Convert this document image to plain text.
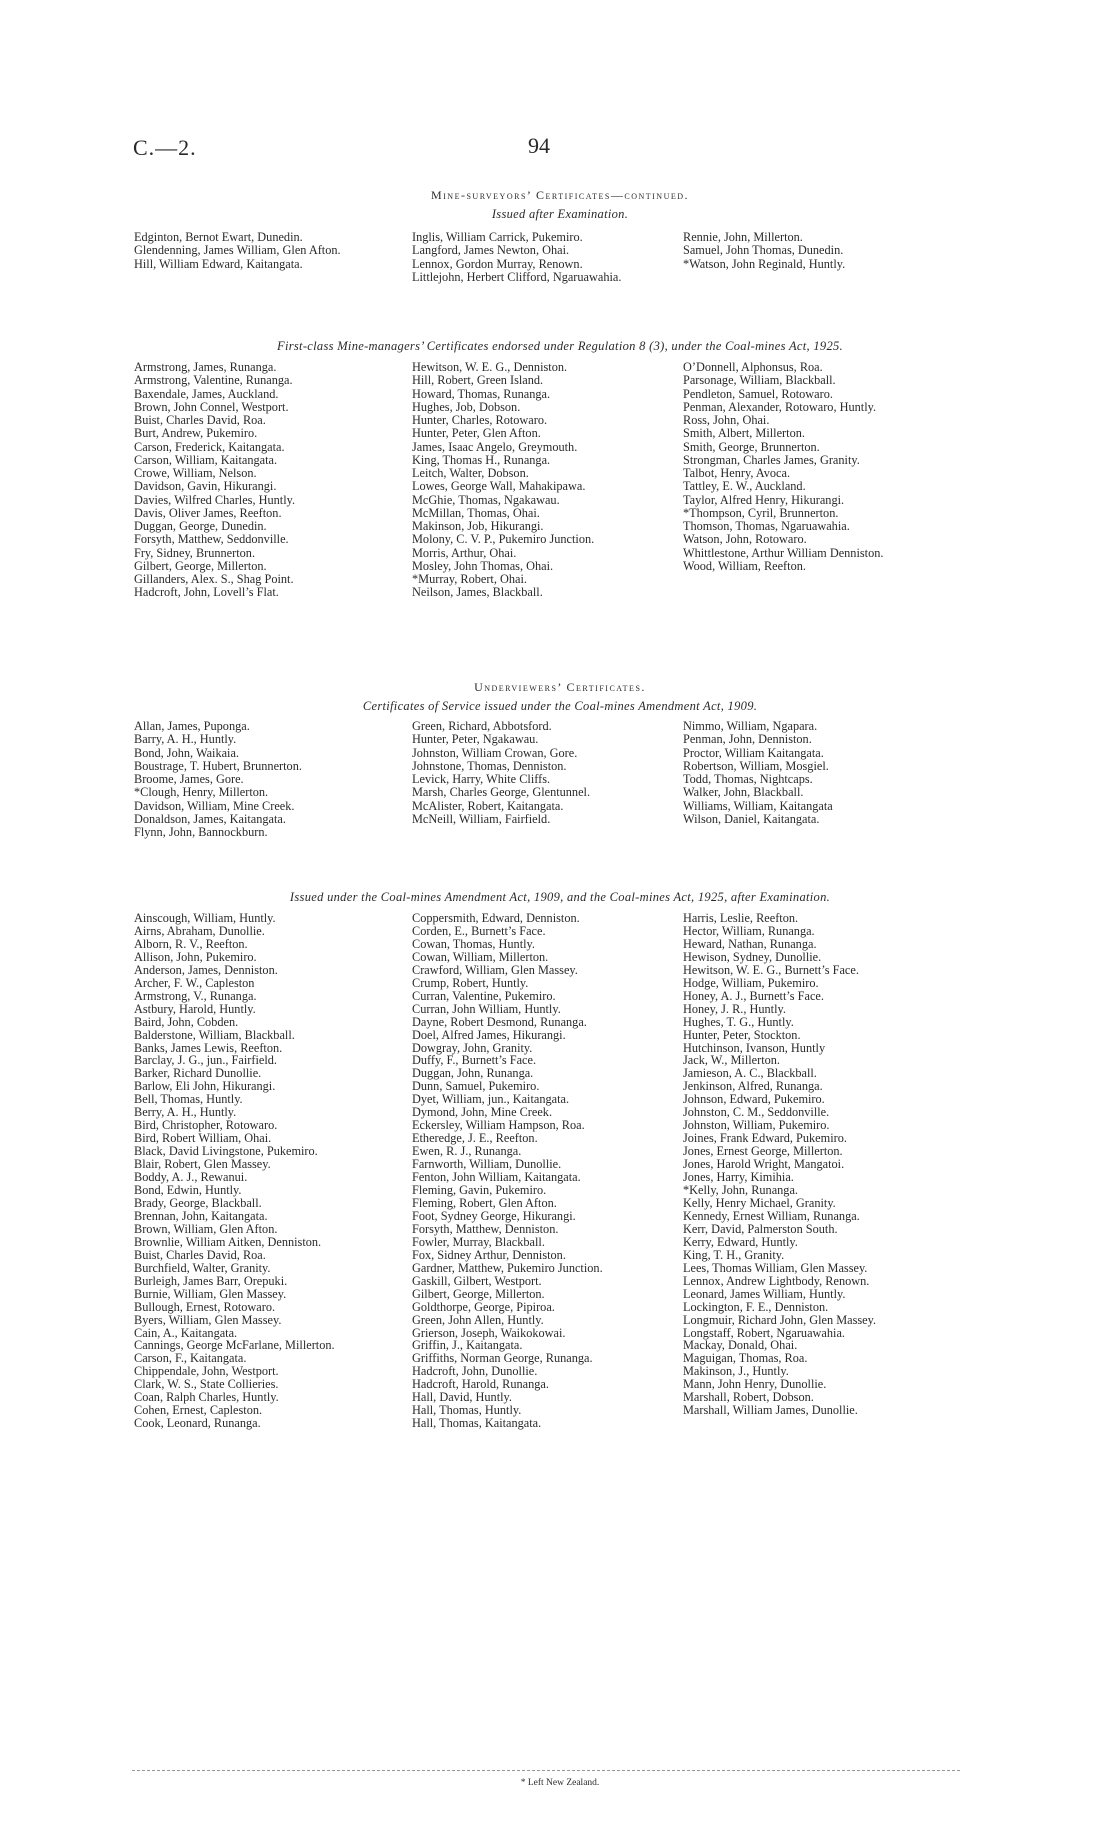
C.—2.	94
Mine-surveyors’ Certificates—continued.
Issued after Examination.
Edginton, Bernot Ewart, Dunedin.
Glendenning, James William, Glen Afton.
Hill, William Edward, Kaitangata.
Inglis, William Carrick, Pukemiro.
Langford, James Newton, Ohai.
Lennox, Gordon Murray, Renown.
Littlejohn, Herbert Clifford, Ngaruawahia.
Rennie, John, Millerton.
Samuel, John Thomas, Dunedin.
*Watson, John Reginald, Huntly.
First-class Mine-managers’ Certificates endorsed under Regulation 8 (3), under the Coal-mines Act, 1925.
Armstrong, James, Runanga.
Armstrong, Valentine, Runanga.
Baxendale, James, Auckland.
Brown, John Connel, Westport.
Buist, Charles David, Roa.
Burt, Andrew, Pukemiro.
Carson, Frederick, Kaitangata.
Carson, William, Kaitangata.
Crowe, William, Nelson.
Davidson, Gavin, Hikurangi.
Davies, Wilfred Charles, Huntly.
Davis, Oliver James, Reefton.
Duggan, George, Dunedin.
Forsyth, Matthew, Seddonville.
Fry, Sidney, Brunnerton.
Gilbert, George, Millerton.
Gillanders, Alex. S., Shag Point.
Hadcroft, John, Lovell’s Flat.
Hewitson, W. E. G., Denniston.
Hill, Robert, Green Island.
Howard, Thomas, Runanga.
Hughes, Job, Dobson.
Hunter, Charles, Rotowaro.
Hunter, Peter, Glen Afton.
James, Isaac Angelo, Greymouth.
King, Thomas H., Runanga.
Leitch, Walter, Dobson.
Lowes, George Wall, Mahakipawa.
McGhie, Thomas, Ngakawau.
McMillan, Thomas, Ohai.
Makinson, Job, Hikurangi.
Molony, C. V. P., Pukemiro Junction.
Morris, Arthur, Ohai.
Mosley, John Thomas, Ohai.
*Murray, Robert, Ohai.
Neilson, James, Blackball.
O’Donnell, Alphonsus, Roa.
Parsonage, William, Blackball.
Pendleton, Samuel, Rotowaro.
Penman, Alexander, Rotowaro, Huntly.
Ross, John, Ohai.
Smith, Albert, Millerton.
Smith, George, Brunnerton.
Strongman, Charles James, Granity.
Talbot, Henry, Avoca.
Tattley, E. W., Auckland.
Taylor, Alfred Henry, Hikurangi.
*Thompson, Cyril, Brunnerton.
Thomson, Thomas, Ngaruawahia.
Watson, John, Rotowaro.
Whittlestone, Arthur William Denniston.
Wood, William, Reefton.
Underviewers’ Certificates.
Certificates of Service issued under the Coal-mines Amendment Act, 1909.
Allan, James, Puponga.
Barry, A. H., Huntly.
Bond, John, Waikaia.
Boustrage, T. Hubert, Brunnerton.
Broome, James, Gore.
*Clough, Henry, Millerton.
Davidson, William, Mine Creek.
Donaldson, James, Kaitangata.
Flynn, John, Bannockburn.
Green, Richard, Abbotsford.
Hunter, Peter, Ngakawau.
Johnston, William Crowan, Gore.
Johnstone, Thomas, Denniston.
Levick, Harry, White Cliffs.
Marsh, Charles George, Glentunnel.
McAlister, Robert, Kaitangata.
McNeill, William, Fairfield.
Nimmo, William, Ngapara.
Penman, John, Denniston.
Proctor, William Kaitangata.
Robertson, William, Mosgiel.
Todd, Thomas, Nightcaps.
Walker, John, Blackball.
Williams, William, Kaitangata
Wilson, Daniel, Kaitangata.
Issued under the Coal-mines Amendment Act, 1909, and the Coal-mines Act, 1925, after Examination.
Ainscough, William, Huntly.
Airns, Abraham, Dunollie.
Alborn, R. V., Reefton.
Allison, John, Pukemiro.
Anderson, James, Denniston.
Archer, F. W., Capleston
Armstrong, V., Runanga.
Astbury, Harold, Huntly.
Baird, John, Cobden.
Balderstone, William, Blackball.
Banks, James Lewis, Reefton.
Barclay, J. G., jun., Fairfield.
Barker, Richard Dunollie.
Barlow, Eli John, Hikurangi.
Bell, Thomas, Huntly.
Berry, A. H., Huntly.
Bird, Christopher, Rotowaro.
Bird, Robert William, Ohai.
Black, David Livingstone, Pukemiro.
Blair, Robert, Glen Massey.
Boddy, A. J., Rewanui.
Bond, Edwin, Huntly.
Brady, George, Blackball.
Brennan, John, Kaitangata.
Brown, William, Glen Afton.
Brownlie, William Aitken, Denniston.
Buist, Charles David, Roa.
Burchfield, Walter, Granity.
Burleigh, James Barr, Orepuki.
Burnie, William, Glen Massey.
Bullough, Ernest, Rotowaro.
Byers, William, Glen Massey.
Cain, A., Kaitangata.
Cannings, George McFarlane, Millerton.
Carson, F., Kaitangata.
Chippendale, John, Westport.
Clark, W. S., State Collieries.
Coan, Ralph Charles, Huntly.
Cohen, Ernest, Capleston.
Cook, Leonard, Runanga.
Coppersmith, Edward, Denniston.
Corden, E., Burnett’s Face.
Cowan, Thomas, Huntly.
Cowan, William, Millerton.
Crawford, William, Glen Massey.
Crump, Robert, Huntly.
Curran, Valentine, Pukemiro.
Curran, John William, Huntly.
Dayne, Robert Desmond, Runanga.
Doel, Alfred James, Hikurangi.
Dowgray, John, Granity.
Duffy, F., Burnett’s Face.
Duggan, John, Runanga.
Dunn, Samuel, Pukemiro.
Dyet, William, jun., Kaitangata.
Dymond, John, Mine Creek.
Eckersley, William Hampson, Roa.
Etheredge, J. E., Reefton.
Ewen, R. J., Runanga.
Farnworth, William, Dunollie.
Fenton, John William, Kaitangata.
Fleming, Gavin, Pukemiro.
Fleming, Robert, Glen Afton.
Foot, Sydney George, Hikurangi.
Forsyth, Matthew, Denniston.
Fowler, Murray, Blackball.
Fox, Sidney Arthur, Denniston.
Gardner, Matthew, Pukemiro Junction.
Gaskill, Gilbert, Westport.
Gilbert, George, Millerton.
Goldthorpe, George, Pipiroa.
Green, John Allen, Huntly.
Grierson, Joseph, Waikokowai.
Griffin, J., Kaitangata.
Griffiths, Norman George, Runanga.
Hadcroft, John, Dunollie.
Hadcroft, Harold, Runanga.
Hall, David, Huntly.
Hall, Thomas, Huntly.
Hall, Thomas, Kaitangata.
Harris, Leslie, Reefton.
Hector, William, Runanga.
Heward, Nathan, Runanga.
Hewison, Sydney, Dunollie.
Hewitson, W. E. G., Burnett’s Face.
Hodge, William, Pukemiro.
Honey, A. J., Burnett’s Face.
Honey, J. R., Huntly.
Hughes, T. G., Huntly.
Hunter, Peter, Stockton.
Hutchinson, Ivanson, Huntly
Jack, W., Millerton.
Jamieson, A. C., Blackball.
Jenkinson, Alfred, Runanga.
Johnson, Edward, Pukemiro.
Johnston, C. M., Seddonville.
Johnston, William, Pukemiro.
Joines, Frank Edward, Pukemiro.
Jones, Ernest George, Millerton.
Jones, Harold Wright, Mangatoi.
Jones, Harry, Kimihia.
*Kelly, John, Runanga.
Kelly, Henry Michael, Granity.
Kennedy, Ernest William, Runanga.
Kerr, David, Palmerston South.
Kerry, Edward, Huntly.
King, T. H., Granity.
Lees, Thomas William, Glen Massey.
Lennox, Andrew Lightbody, Renown.
Leonard, James William, Huntly.
Lockington, F. E., Denniston.
Longmuir, Richard John, Glen Massey.
Longstaff, Robert, Ngaruawahia.
Mackay, Donald, Ohai.
Maguigan, Thomas, Roa.
Makinson, J., Huntly.
Mann, John Henry, Dunollie.
Marshall, Robert, Dobson.
Marshall, William James, Dunollie.
* Left New Zealand.
